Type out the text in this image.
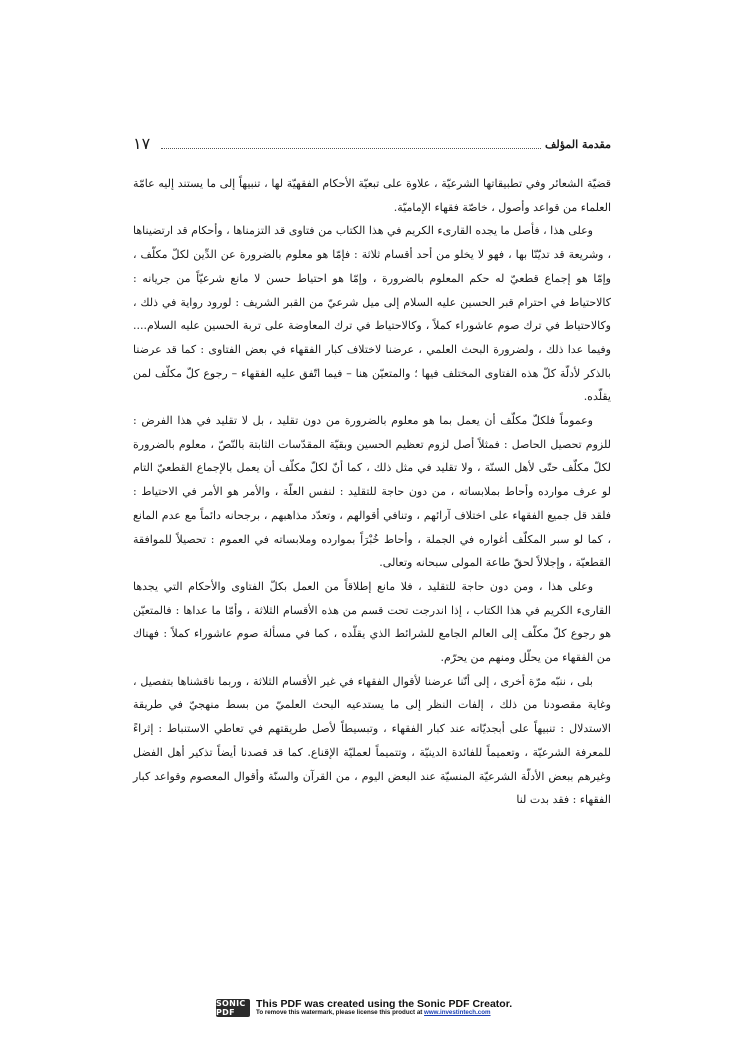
مقدمة المؤلف
١٧

قضيّة الشعائر وفي تطبيقاتها الشرعيّة ، علاوة على تبعيّة الأحكام الفقهيّة لها ، تنبيهاً إلى ما يستند إليه عامّة العلماء من قواعد وأصول ، خاصّة فقهاء الإماميّة.

وعلى هذا ، فأصل ما يجده القارىء الكريم في هذا الكتاب من فتاوى قد التزمناها ، وأحكام قد ارتضيناها ، وشريعة قد تديّنّا بها ، فهو لا يخلو من أحد أقسام ثلاثة : فإمّا هو معلوم بالضرورة عن الدِّين لكلّ مكلّف ، وإمّا هو إجماع قطعيّ له حكم المعلوم بالضرورة ، وإمّا هو احتياط حسن لا مانع شرعيّاً من جريانه : كالاحتياط في احترام قبر الحسين عليه السلام إلى ميل شرعيّ من القبر الشريف : لورود رواية في ذلك ، وكالاحتياط في ترك صوم عاشوراء كملاً ، وكالاحتياط في ترك المعاوضة على تربة الحسين عليه السلام.... وفيما عدا ذلك ، ولضرورة البحث العلمي ، عرضنا لاختلاف كبار الفقهاء في بعض الفتاوى : كما قد عرضنا بالذكر لأدلّة كلّ هذه الفتاوى المختلف فيها ؛ والمتعيّن هنا – فيما اتّفق عليه الفقهاء – رجوع كلّ مكلّف لمن يقلّده.

وعموماً فلكلّ مكلّف أن يعمل بما هو معلوم بالضرورة من دون تقليد ، بل لا تقليد في هذا الفرض : للزوم تحصيل الحاصل : فمثلاً أصل لزوم تعظيم الحسين وبقيّة المقدّسات الثابتة بالنّصّ ، معلوم بالضرورة لكلّ مكلّف حتّى لأهل السنّة ، ولا تقليد في مثل ذلك ، كما أنّ لكلّ مكلّف أن يعمل بالإجماع القطعيّ التام لو عرف موارده وأحاط بملابساته ، من دون حاجة للتقليد : لنفس العلّة ، والأمر هو الأمر في الاحتياط : فلقد قل جميع الفقهاء على اختلاف آرائهم ، وتنافي أقوالهم ، وتعدّد مذاهبهم ، برجحانه دائماً مع عدم المانع ، كما لو سبر المكلّف أغواره في الجملة ، وأحاط خُبْرَاً بموارده وملابساته في العموم : تحصيلاً للموافقة القطعيّة ، وإجلالاً لحقّ طاعة المولى سبحانه وتعالى.

وعلى هذا ، ومن دون حاجة للتقليد ، فلا مانع إطلاقاً من العمل بكلّ الفتاوى والأحكام التي يجدها القارىء الكريم في هذا الكتاب ، إذا اندرجت تحت قسم من هذه الأقسام الثلاثة ، وأمّا ما عداها : فالمتعيّن هو رجوع كلّ مكلّف إلى العالم الجامع للشرائط الذي يقلّده ، كما في مسألة صوم عاشوراء كملاً : فهناك من الفقهاء من يحلّل ومنهم من يحرّم.

بلى ، ننبّه مرّة أخرى ، إلى أنّنا عرضنا لأقوال الفقهاء في غير الأقسام الثلاثة ، وربما ناقشناها بتفصيل ، وغاية مقصودنا من ذلك ، إلفات النظر إلى ما يستدعيه البحث العلميّ من بسط منهجيّ في طريقة الاستدلال : تنبيهاً على أبجديّاته عند كبار الفقهاء ، وتبسيطاً لأصل طريقتهم في تعاطي الاستنباط : إثراءً للمعرفة الشرعيّة ، وتعميماً للفائدة الدينيّة ، وتتميماً لعمليّة الإقناع. كما قد قصدنا أيضاً تذكير أهل الفضل وغيرهم ببعض الأدلّة الشرعيّة المنسيّة عند البعض اليوم ، من القرآن والسنّة وأقوال المعصوم وقواعد كبار الفقهاء : فقد بدت لنا

SONIC PDF
This PDF was created using the Sonic PDF Creator.
To remove this watermark, please license this product at www.investintech.com
